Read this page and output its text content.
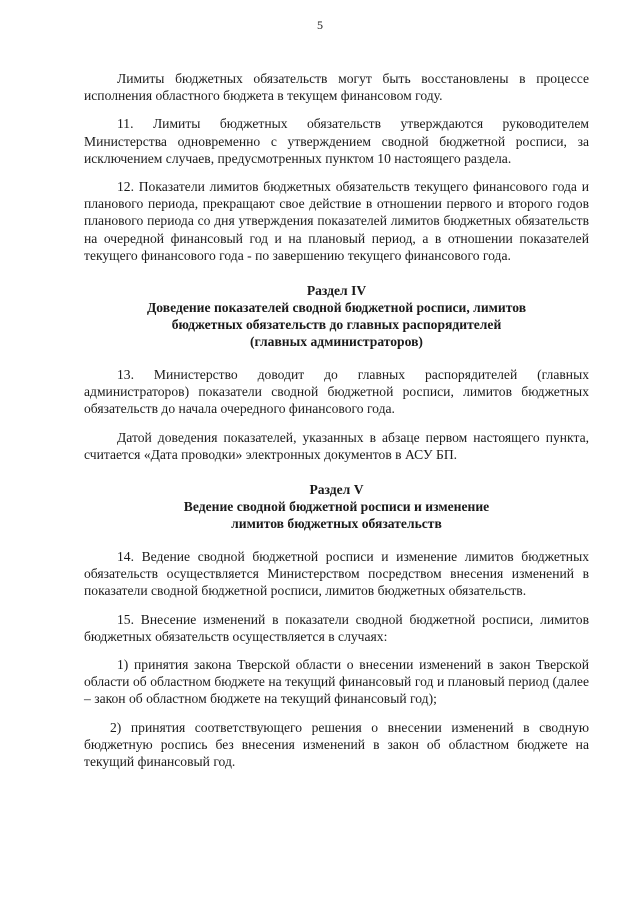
5

Лимиты бюджетных обязательств могут быть восстановлены в процессе исполнения областного бюджета в текущем финансовом году.

11. Лимиты бюджетных обязательств утверждаются руководителем Министерства одновременно с утверждением сводной бюджетной росписи, за исключением случаев, предусмотренных пунктом 10 настоящего раздела.

12. Показатели лимитов бюджетных обязательств текущего финансового года и планового периода, прекращают свое действие в отношении первого и второго годов планового периода со дня утверждения показателей лимитов бюджетных обязательств на очередной финансовый год и на плановый период, а в отношении показателей текущего финансового года - по завершению текущего финансового года.

Раздел IV
Доведение показателей сводной бюджетной росписи, лимитов
бюджетных обязательств до главных распорядителей
(главных администраторов)

13. Министерство доводит до главных распорядителей (главных администраторов) показатели сводной бюджетной росписи, лимитов бюджетных обязательств до начала очередного финансового года.

Датой доведения показателей, указанных в абзаце первом настоящего пункта, считается «Дата проводки» электронных документов в АСУ БП.

Раздел V
Ведение сводной бюджетной росписи и изменение
лимитов бюджетных обязательств

14. Ведение сводной бюджетной росписи и изменение лимитов бюджетных обязательств осуществляется Министерством посредством внесения изменений в показатели сводной бюджетной росписи, лимитов бюджетных обязательств.

15. Внесение изменений в показатели сводной бюджетной росписи, лимитов бюджетных обязательств осуществляется в случаях:

1) принятия закона Тверской области о внесении изменений в закон Тверской области об областном бюджете на текущий финансовый год и плановый период (далее – закон об областном бюджете на текущий финансовый год);

2) принятия соответствующего решения о внесении изменений в сводную бюджетную роспись без внесения изменений в закон об областном бюджете на текущий финансовый год.
